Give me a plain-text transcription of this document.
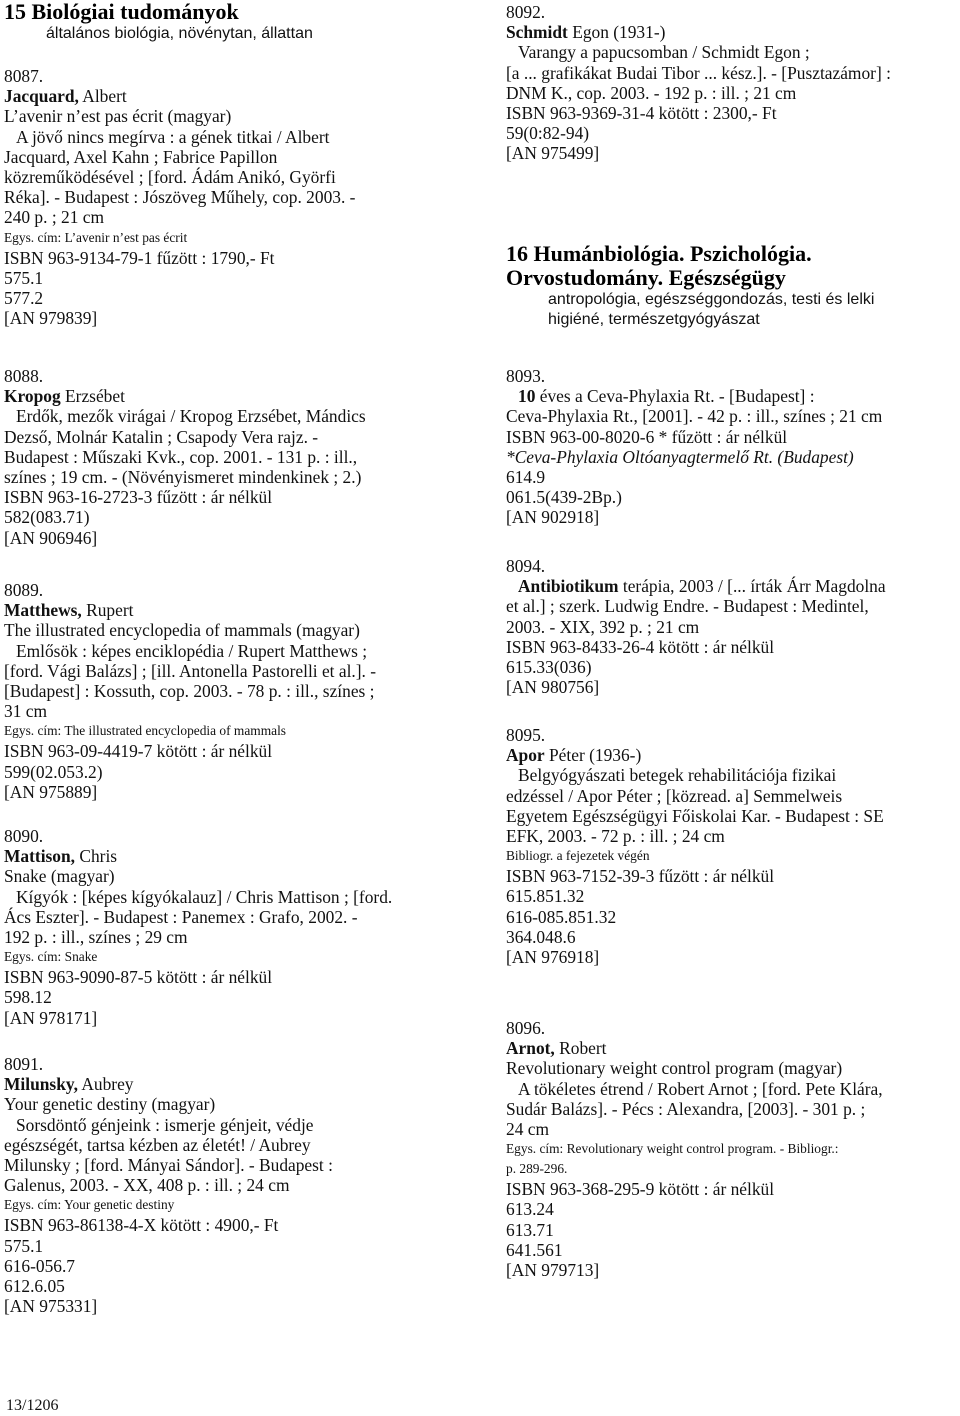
15 Biológiai tudományok
általános biológia, növénytan, állattan
8087.
Jacquard, Albert
L’avenir n’est pas écrit (magyar)
A jövő nincs megírva : a gének titkai / Albert
Jacquard, Axel Kahn ; Fabrice Papillon
közreműködésével ; [ford. Ádám Anikó, Györfi
Réka]. - Budapest : Jószöveg Műhely, cop. 2003. -
240 p. ; 21 cm
Egys. cím: L’avenir n’est pas écrit
ISBN 963-9134-79-1 fűzött : 1790,- Ft
575.1
577.2
[AN 979839]
8088.
Kropog Erzsébet
Erdők, mezők virágai / Kropog Erzsébet, Mándics
Dezső, Molnár Katalin ; Csapody Vera rajz. -
Budapest : Műszaki Kvk., cop. 2001. - 131 p. : ill.,
színes ; 19 cm. - (Növényismeret mindenkinek ; 2.)
ISBN 963-16-2723-3 fűzött : ár nélkül
582(083.71)
[AN 906946]
8089.
Matthews, Rupert
The illustrated encyclopedia of mammals (magyar)
Emlősök : képes enciklopédia / Rupert Matthews ;
[ford. Vági Balázs] ; [ill. Antonella Pastorelli et al.]. -
[Budapest] : Kossuth, cop. 2003. - 78 p. : ill., színes ;
31 cm
Egys. cím: The illustrated encyclopedia of mammals
ISBN 963-09-4419-7 kötött : ár nélkül
599(02.053.2)
[AN 975889]
8090.
Mattison, Chris
Snake (magyar)
Kígyók : [képes kígyókalauz] / Chris Mattison ; [ford.
Ács Eszter]. - Budapest : Panemex : Grafo, 2002. -
192 p. : ill., színes ; 29 cm
Egys. cím: Snake
ISBN 963-9090-87-5 kötött : ár nélkül
598.12
[AN 978171]
8091.
Milunsky, Aubrey
Your genetic destiny (magyar)
Sorsdöntő génjeink : ismerje génjeit, védje
egészségét, tartsa kézben az életét! / Aubrey
Milunsky ; [ford. Mányai Sándor]. - Budapest :
Galenus, 2003. - XX, 408 p. : ill. ; 24 cm
Egys. cím: Your genetic destiny
ISBN 963-86138-4-X kötött : 4900,- Ft
575.1
616-056.7
612.6.05
[AN 975331]
8092.
Schmidt Egon (1931-)
Varangy a papucsomban / Schmidt Egon ;
[a ... grafikákat Budai Tibor ... kész.]. - [Pusztazámor] :
DNM K., cop. 2003. - 192 p. : ill. ; 21 cm
ISBN 963-9369-31-4 kötött : 2300,- Ft
59(0:82-94)
[AN 975499]
16 Humánbiológia. Pszichológia.
Orvostudomány. Egészségügy
antropológia, egészséggondozás, testi és lelki
higiéné, természetgyógyászat
8093.
10 éves a Ceva-Phylaxia Rt. - [Budapest] :
Ceva-Phylaxia Rt., [2001]. - 42 p. : ill., színes ; 21 cm
ISBN 963-00-8020-6 * fűzött : ár nélkül
*Ceva-Phylaxia Oltóanyagtermelő Rt. (Budapest)
614.9
061.5(439-2Bp.)
[AN 902918]
8094.
Antibiotikum terápia, 2003 / [... írták Árr Magdolna
et al.] ; szerk. Ludwig Endre. - Budapest : Medintel,
2003. - XIX, 392 p. ; 21 cm
ISBN 963-8433-26-4 kötött : ár nélkül
615.33(036)
[AN 980756]
8095.
Apor Péter (1936-)
Belgyógyászati betegek rehabilitációja fizikai
edzéssel / Apor Péter ; [közread. a] Semmelweis
Egyetem Egészségügyi Főiskolai Kar. - Budapest : SE
EFK, 2003. - 72 p. : ill. ; 24 cm
Bibliogr. a fejezetek végén
ISBN 963-7152-39-3 fűzött : ár nélkül
615.851.32
616-085.851.32
364.048.6
[AN 976918]
8096.
Arnot, Robert
Revolutionary weight control program (magyar)
A tökéletes étrend / Robert Arnot ; [ford. Pete Klára,
Sudár Balázs]. - Pécs : Alexandra, [2003]. - 301 p. ;
24 cm
Egys. cím: Revolutionary weight control program. - Bibliogr.:
p. 289-296.
ISBN 963-368-295-9 kötött : ár nélkül
613.24
613.71
641.561
[AN 979713]
13/1206
